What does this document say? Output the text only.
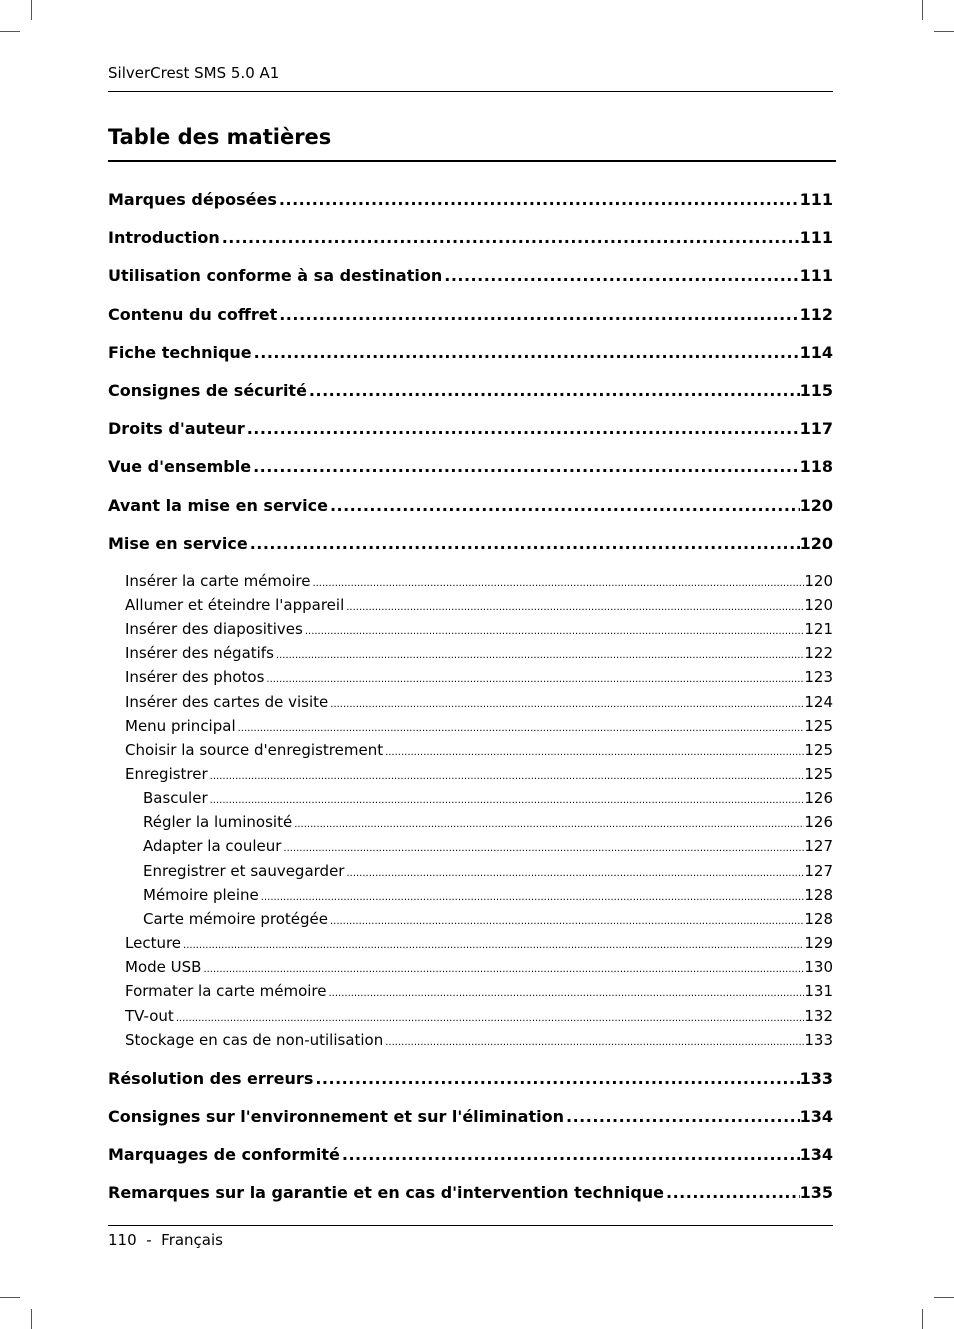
SilverCrest SMS 5.0 A1
Table des matières
Marques déposées .....	111
Introduction .....	111
Utilisation conforme à sa destination .....	111
Contenu du coffret .....	112
Fiche technique .....	114
Consignes de sécurité .....	115
Droits d'auteur .....	117
Vue d'ensemble .....	118
Avant la mise en service .....	120
Mise en service .....	120
Insérer la carte mémoire .....	120
Allumer et éteindre l'appareil .....	120
Insérer des diapositives .....	121
Insérer des négatifs .....	122
Insérer des photos .....	123
Insérer des cartes de visite .....	124
Menu principal .....	125
Choisir la source d'enregistrement .....	125
Enregistrer .....	125
Basculer .....	126
Régler la luminosité .....	126
Adapter la couleur .....	127
Enregistrer et sauvegarder .....	127
Mémoire pleine .....	128
Carte mémoire protégée .....	128
Lecture .....	129
Mode USB .....	130
Formater la carte mémoire .....	131
TV-out .....	132
Stockage en cas de non-utilisation .....	133
Résolution des erreurs .....	133
Consignes sur l'environnement et sur l'élimination .....	134
Marquages de conformité .....	134
Remarques sur la garantie et en cas d'intervention technique .....	135
110 - Français
